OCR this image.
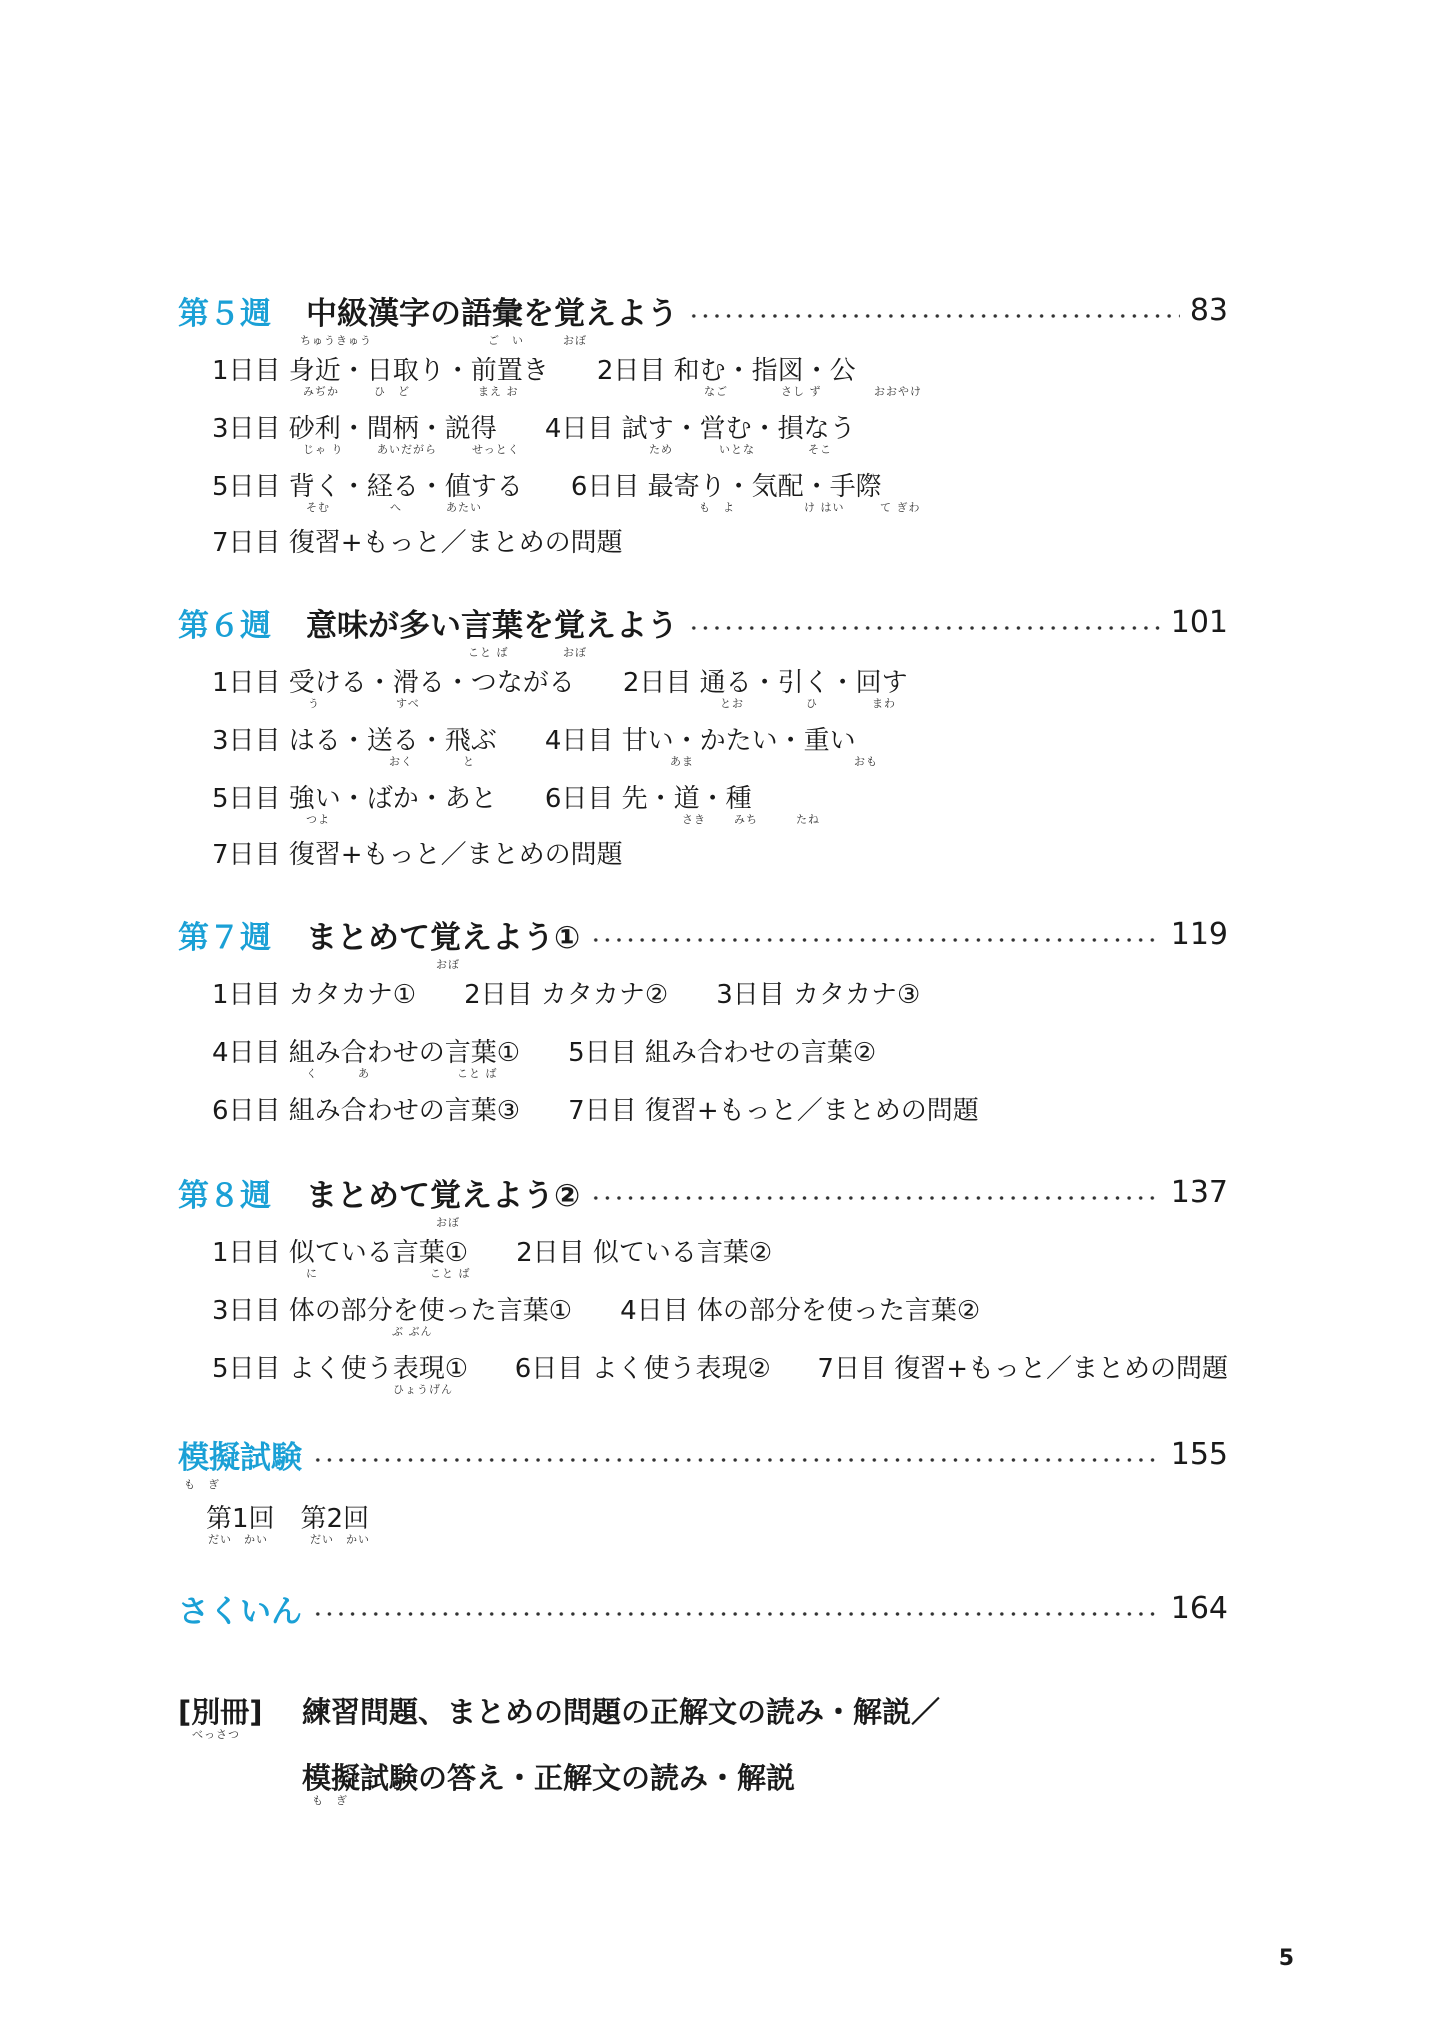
第５週	中級漢字の語彙を覚えよう	83
ちゅうきゅう	ご　い	おぼ
1日目 身近・日取り・前置き 2日目 和む・指図・公
みぢか	ひ　ど	まえ お	なご	さし ず	おおやけ
3日目 砂利・間柄・説得 4日目 試す・営む・損なう
じゃ り	あいだがら	せっとく	ため	いとな	そこ
5日目 背く・経る・値する 6日目 最寄り・気配・手際
そむ	へ	あたい	も　よ	け はい	て ぎわ
7日目 復習+もっと／まとめの問題
第６週	意味が多い言葉を覚えよう	101
こと ば	おぼ
1日目 受ける・滑る・つながる 2日目 通る・引く・回す
う	すべ	とお	ひ	まわ
3日目 はる・送る・飛ぶ 4日目 甘い・かたい・重い
おく	と	あま	おも
5日目 強い・ばか・あと 6日目 先・道・種
つよ	さき	みち	たね
7日目 復習+もっと／まとめの問題
第７週	まとめて覚えよう①	119
おぼ
1日目 カタカナ① 2日目 カタカナ② 3日目 カタカナ③
4日目 組み合わせの言葉① 5日目 組み合わせの言葉②
く	あ	こと ば
6日目 組み合わせの言葉③ 7日目 復習+もっと／まとめの問題
第８週	まとめて覚えよう②	137
おぼ
1日目 似ている言葉① 2日目 似ている言葉②
に	こと ば
3日目 体の部分を使った言葉① 4日目 体の部分を使った言葉②
ぶ ぶん
5日目 よく使う表現① 6日目 よく使う表現② 7日目 復習+もっと／まとめの問題
ひょうげん
模擬試験	155
も　ぎ
第1回　第2回
だい　かい	だい　かい
さくいん	164
[別冊]	練習問題、まとめの問題の正解文の読み・解説／
べっさつ
模擬試験の答え・正解文の読み・解説
も　ぎ
5
